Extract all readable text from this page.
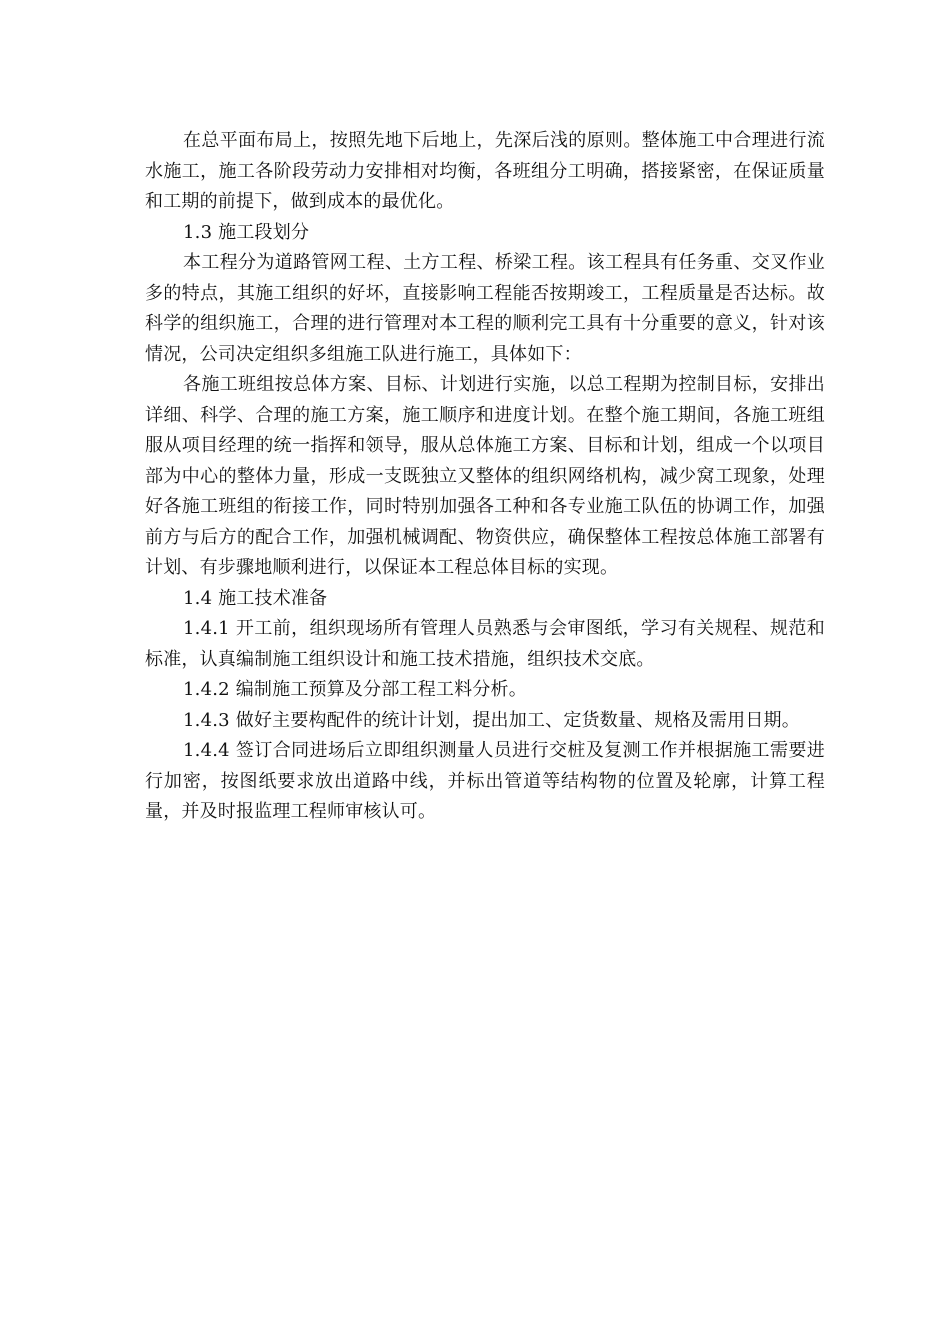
在总平面布局上，按照先地下后地上，先深后浅的原则。整体施工中合理进行流水施工，施工各阶段劳动力安排相对均衡，各班组分工明确，搭接紧密，在保证质量和工期的前提下，做到成本的最优化。

1.3 施工段划分

本工程分为道路管网工程、土方工程、桥梁工程。该工程具有任务重、交叉作业多的特点，其施工组织的好坏，直接影响工程能否按期竣工，工程质量是否达标。故科学的组织施工，合理的进行管理对本工程的顺利完工具有十分重要的意义，针对该情况，公司决定组织多组施工队进行施工，具体如下：

各施工班组按总体方案、目标、计划进行实施，以总工程期为控制目标，安排出详细、科学、合理的施工方案，施工顺序和进度计划。在整个施工期间，各施工班组服从项目经理的统一指挥和领导，服从总体施工方案、目标和计划，组成一个以项目部为中心的整体力量，形成一支既独立又整体的组织网络机构，减少窝工现象，处理好各施工班组的衔接工作，同时特别加强各工种和各专业施工队伍的协调工作，加强前方与后方的配合工作，加强机械调配、物资供应，确保整体工程按总体施工部署有计划、有步骤地顺利进行，以保证本工程总体目标的实现。

1.4 施工技术准备

1.4.1 开工前，组织现场所有管理人员熟悉与会审图纸，学习有关规程、规范和标准，认真编制施工组织设计和施工技术措施，组织技术交底。

1.4.2 编制施工预算及分部工程工料分析。

1.4.3 做好主要构配件的统计计划，提出加工、定货数量、规格及需用日期。

1.4.4 签订合同进场后立即组织测量人员进行交桩及复测工作并根据施工需要进行加密，按图纸要求放出道路中线，并标出管道等结构物的位置及轮廓，计算工程量，并及时报监理工程师审核认可。
